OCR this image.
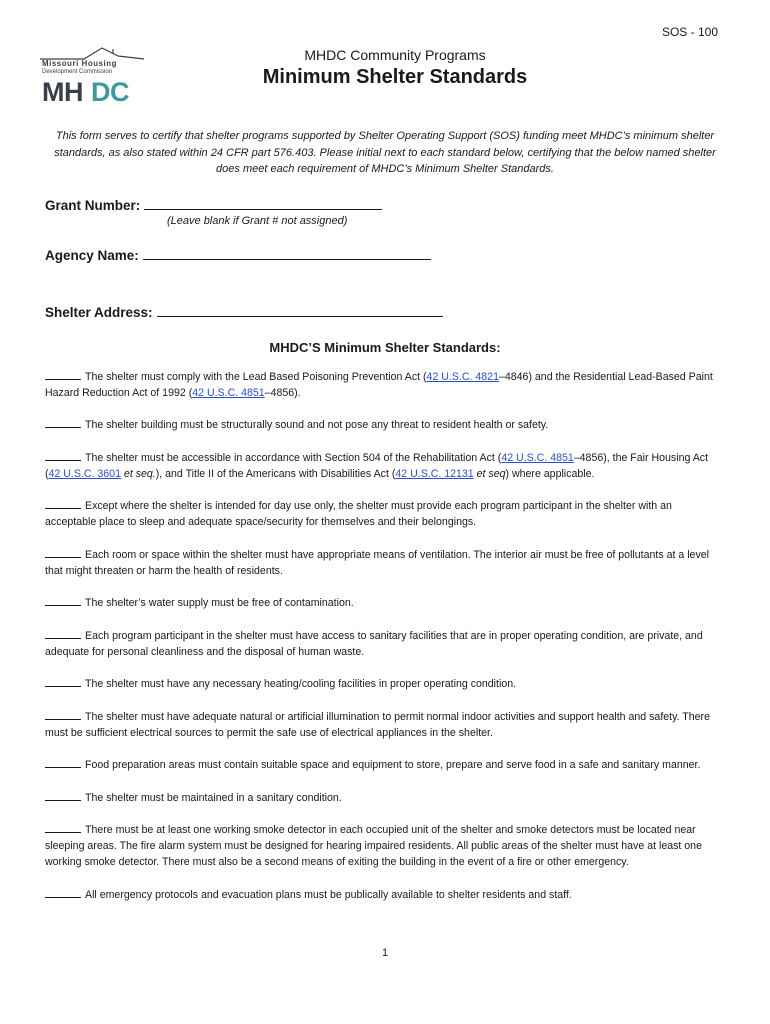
SOS - 100
Missouri Housing
Development Commission
MH DC
MHDC Community Programs
Minimum Shelter Standards
This form serves to certify that shelter programs supported by Shelter Operating Support (SOS) funding meet MHDC’s minimum shelter standards, as also stated within 24 CFR part 576.403. Please initial next to each standard below, certifying that the below named shelter does meet each requirement of MHDC’s Minimum Shelter Standards.
Grant Number:
(Leave blank if Grant # not assigned)
Agency Name:
Shelter Address:
MHDC’S Minimum Shelter Standards:

The shelter must comply with the Lead Based Poisoning Prevention Act (42 U.S.C. 4821–4846) and the Residential Lead-Based Paint Hazard Reduction Act of 1992 (42 U.S.C. 4851–4856).

The shelter building must be structurally sound and not pose any threat to resident health or safety.

The shelter must be accessible in accordance with Section 504 of the Rehabilitation Act (42 U.S.C. 4851–4856), the Fair Housing Act (42 U.S.C. 3601 et seq.), and Title II of the Americans with Disabilities Act (42 U.S.C. 12131 et seq) where applicable.

Except where the shelter is intended for day use only, the shelter must provide each program participant in the shelter with an acceptable place to sleep and adequate space/security for themselves and their belongings.

Each room or space within the shelter must have appropriate means of ventilation. The interior air must be free of pollutants at a level that might threaten or harm the health of residents.

The shelter’s water supply must be free of contamination.

Each program participant in the shelter must have access to sanitary facilities that are in proper operating condition, are private, and adequate for personal cleanliness and the disposal of human waste.

The shelter must have any necessary heating/cooling facilities in proper operating condition.

The shelter must have adequate natural or artificial illumination to permit normal indoor activities and support health and safety. There must be sufficient electrical sources to permit the safe use of electrical appliances in the shelter.

Food preparation areas must contain suitable space and equipment to store, prepare and serve food in a safe and sanitary manner.

The shelter must be maintained in a sanitary condition.

There must be at least one working smoke detector in each occupied unit of the shelter and smoke detectors must be located near sleeping areas. The fire alarm system must be designed for hearing impaired residents. All public areas of the shelter must have at least one working smoke detector. There must also be a second means of exiting the building in the event of a fire or other emergency.

All emergency protocols and evacuation plans must be publically available to shelter residents and staff.

1
